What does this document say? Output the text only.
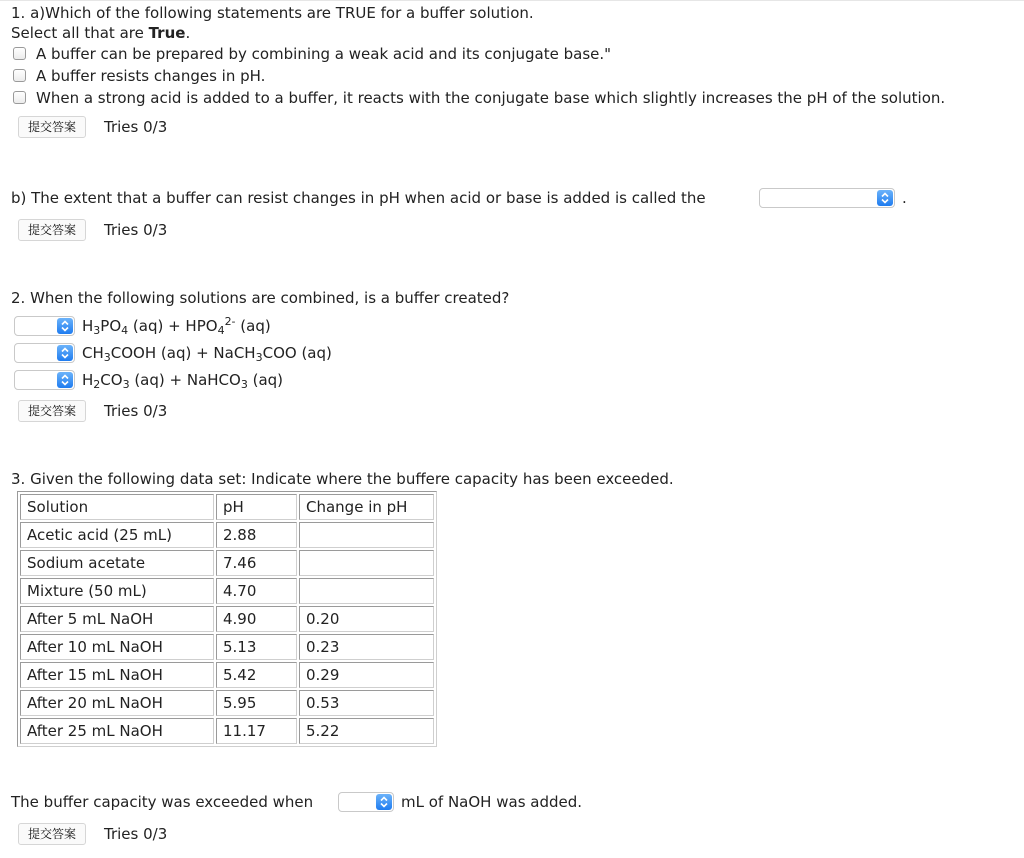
1. a)Which of the following statements are TRUE for a buffer solution.
Select all that are True.
A buffer can be prepared by combining a weak acid and its conjugate base."
A buffer resists changes in pH.
When a strong acid is added to a buffer, it reacts with the conjugate base which slightly increases the pH of the solution.
提交答案	Tries 0/3
b) The extent that a buffer can resist changes in pH when acid or base is added is called the	.
提交答案	Tries 0/3
2. When the following solutions are combined, is a buffer created?
$H_3PO_4$ $(aq) + HPO_4^{2-}$ (aq)
$CH_3COOH$ (aq) + NaCH$_3$COO (aq)
$H_2CO_3$ (aq) + NaHCO$_3$ (aq)
提交答案	Tries 0/3
3. Given the following data set: Indicate where the buffere capacity has been exceeded.
Solution	pH	Change in pH
Acetic acid (25 mL)	2.88	
Sodium acetate	7.46	
Mixture (50 mL)	4.70	
After 5 mL NaOH	4.90	0.20
After 10 mL NaOH	5.13	0.23
After 15 mL NaOH	5.42	0.29
After 20 mL NaOH	5.95	0.53
After 25 mL NaOH	11.17	5.22
The buffer capacity was exceeded when	mL of NaOH was added.
提交答案	Tries 0/3
